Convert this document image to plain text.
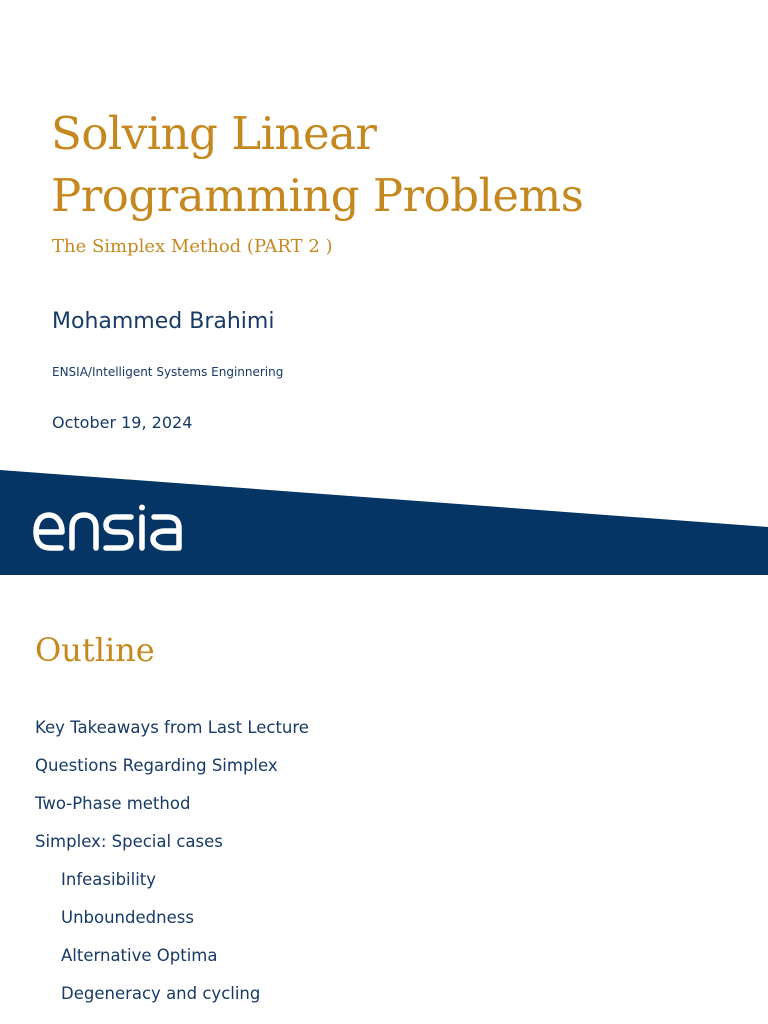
Solving Linear
Programming Problems
The Simplex Method (PART 2 )
Mohammed Brahimi
ENSIA/Intelligent Systems Enginnering
October 19, 2024
Outline
Key Takeaways from Last Lecture
Questions Regarding Simplex
Two-Phase method
Simplex: Special cases
Infeasibility
Unboundedness
Alternative Optima
Degeneracy and cycling
